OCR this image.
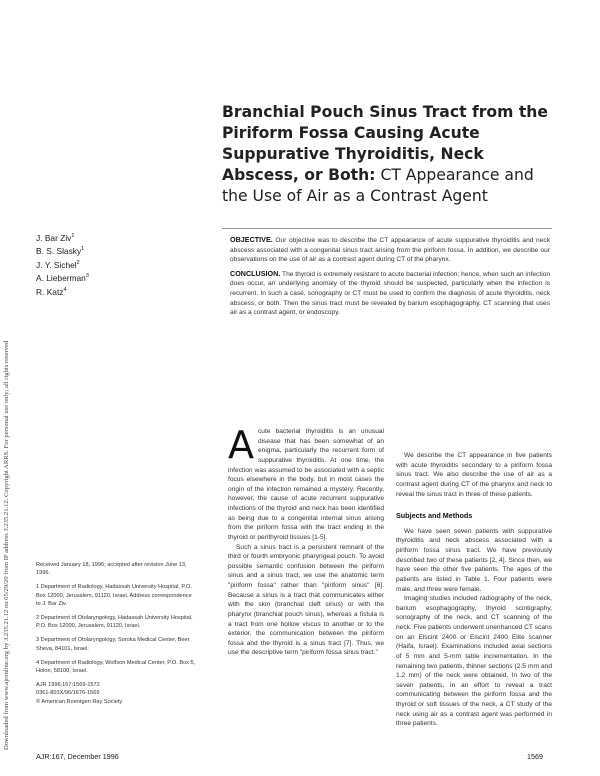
Downloaded from www.ajronline.org by 3.235.21.12 on 05/29/20 from IP address 3.235.21.12. Copyright ARRS. For personal use only; all rights reserved
Branchial Pouch Sinus Tract from the Piriform Fossa Causing Acute Suppurative Thyroiditis, Neck Abscess, or Both: CT Appearance and the Use of Air as a Contrast Agent
J. Bar Ziv$^1$
B. S. Slasky$^1$
J. Y. Sichel$^2$
A. Lieberman$^3$
R. Katz$^4$

OBJECTIVE. Our objective was to describe the CT appearance of acute suppurative thyroiditis and neck abscess associated with a congenital sinus tract arising from the piriform fossa. In addition, we describe our observations on the use of air as a contrast agent during CT of the pharynx.

CONCLUSION. The thyroid is extremely resistant to acute bacterial infection; hence, when such an infection does occur, an underlying anomaly of the thyroid should be suspected, particularly when the infection is recurrent. In such a case, sonography or CT must be used to confirm the diagnosis of acute thyroiditis, neck abscess, or both. Then the sinus tract must be revealed by barium esophagography, CT scanning that uses air as a contrast agent, or endoscopy.

A cute bacterial thyroiditis is an unusual disease that has been somewhat of an enigma, particularly the recurrent form of suppurative thyroiditis. At one time, the infection was assumed to be associated with a septic focus elsewhere in the body, but in most cases the origin of the infection remained a mystery. Recently, however, the cause of acute recurrent suppurative infections of the thyroid and neck has been identified as being due to a congenital internal sinus arising from the piriform fossa with the tract ending in the thyroid or perithyroid tissues [1-5].

Such a sinus tract is a persistent remnant of the third or fourth embryonic pharyngeal pouch. To avoid possible semantic confusion between the piriform sinus and a sinus tract, we use the anatomic term "piriform fossa" rather than "piriform sinus" [6]. Because a sinus is a tract that communicates either with the skin (branchial cleft sinus) or with the pharynx (branchial pouch sinus), whereas a fistula is a tract from one hollow viscus to another or to the exterior, the communication between the piriform fossa and the thyroid is a sinus tract [7]. Thus, we use the descriptive term "piriform fossa sinus tract."

We describe the CT appearance in five patients with acute thyroiditis secondary to a piriform fossa sinus tract. We also describe the use of air as a contrast agent during CT of the pharynx and neck to reveal the sinus tract in three of these patients.

Subjects and Methods

We have seen seven patients with suppurative thyroiditis and neck abscess associated with a piriform fossa sinus tract. We have previously described two of these patients [2, 4]. Since then, we have seen the other five patients. The ages of the patients are listed in Table 1. Four patients were male, and three were female.

Imaging studies included radiography of the neck, barium esophagography, thyroid scintigraphy, sonography of the neck, and CT scanning of the neck. Five patients underwent unenhanced CT scans on an Elscint 2400 or Elscint 2400 Elite scanner (Haifa, Israel). Examinations included axial sections of 5 mm and 5-mm table incrementation. In the remaining two patients, thinner sections (2.5 mm and 1.2 mm) of the neck were obtained. In two of the seven patients, in an effort to reveal a tract communicating between the piriform fossa and the thyroid or soft tissues of the neck, a CT study of the neck using air as a contrast agent was performed in three patients.

Received January 18, 1996; accepted after revision June 13, 1996.

1 Department of Radiology, Hadassah University Hospital, P.O. Box 12000, Jerusalem, 91120, Israel. Address correspondence to J. Bar Ziv.

2 Department of Otolaryngology, Hadassah University Hospital, P.O. Box 12000, Jerusalem, 91120, Israel.

3 Department of Otolaryngology, Soroka Medical Center, Beer Sheva, 84101, Israel.

4 Department of Radiology, Wolfson Medical Center, P.O. Box 5, Holon, 58100, Israel.

AJR 1996;167:1569-1572

0361-803X/96/1676-1569

© American Roentgen Ray Society

AJR:167, December 1996	1569
